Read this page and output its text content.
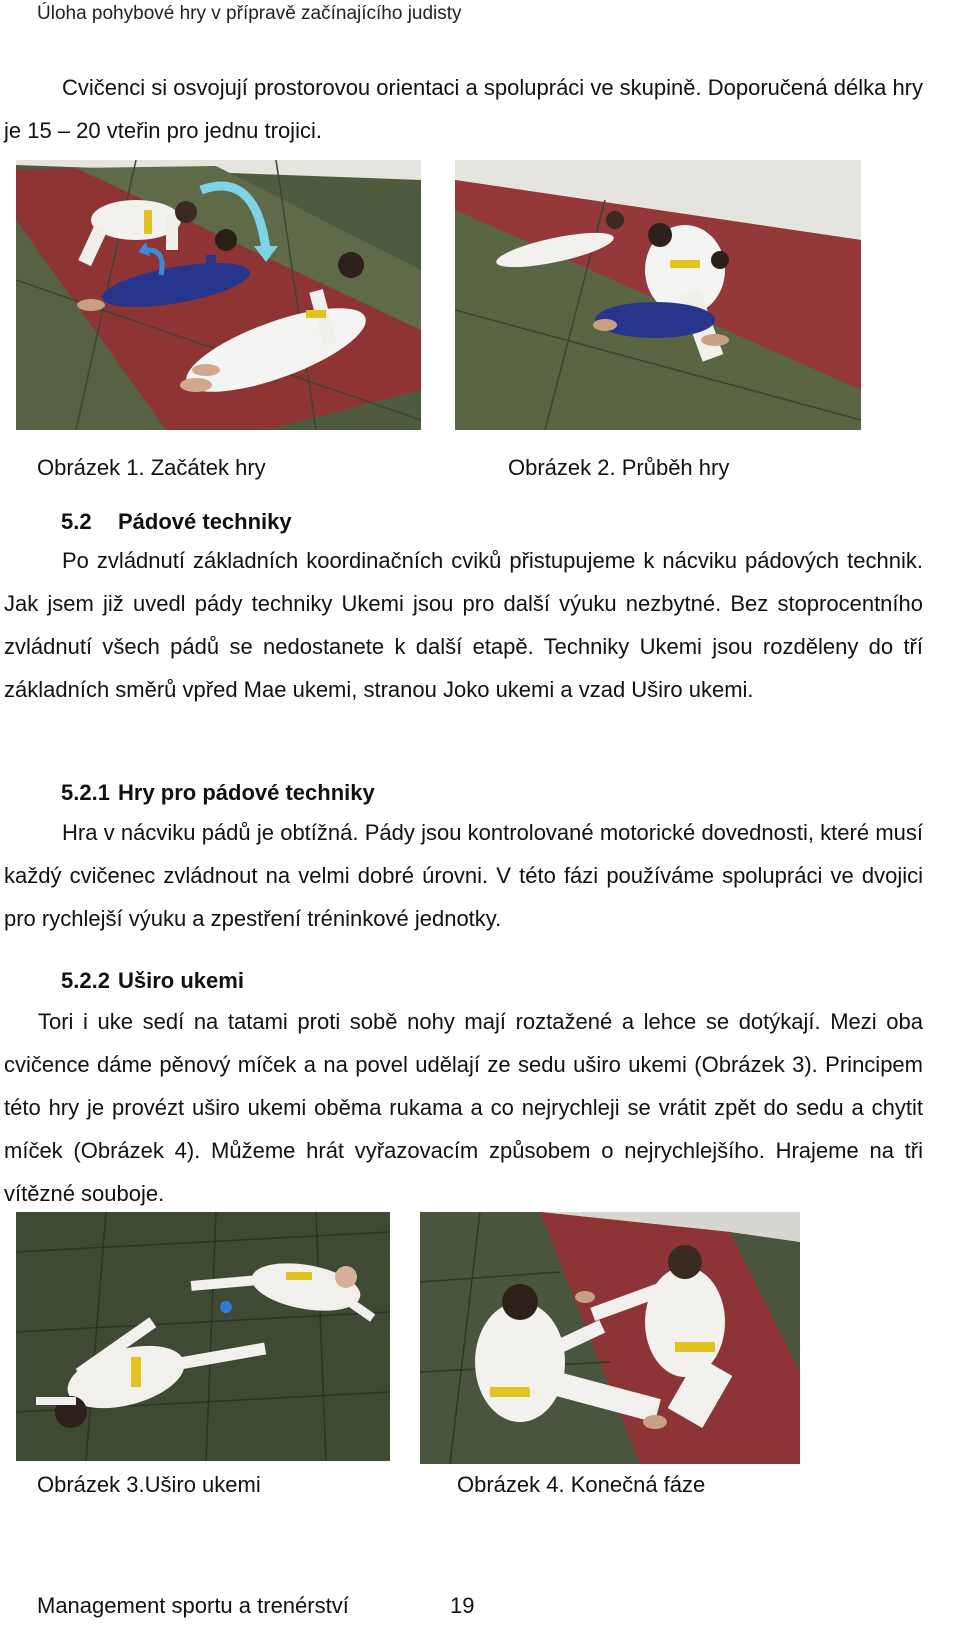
Úloha pohybové hry v přípravě začínajícího judisty

Cvičenci si osvojují prostorovou orientaci a spolupráci ve skupině. Doporučená délka hry je 15 – 20 vteřin pro jednu trojici.

Obrázek 1. Začátek hry	Obrázek 2. Průběh hry
5.2 Pádové techniky

Po zvládnutí základních koordinačních cviků přistupujeme k nácviku pádových technik. Jak jsem již uvedl pády techniky Ukemi jsou pro další výuku nezbytné. Bez stoprocentního zvládnutí všech pádů se nedostanete k další etapě. Techniky Ukemi jsou rozděleny do tří základních směrů vpřed Mae ukemi, stranou Joko ukemi a vzad Uširo ukemi.

5.2.1 Hry pro pádové techniky

Hra v nácviku pádů je obtížná. Pády jsou kontrolované motorické dovednosti, které musí každý cvičenec zvládnout na velmi dobré úrovni. V této fázi používáme spolupráci ve dvojici pro rychlejší výuku a zpestření tréninkové jednotky.

5.2.2 Uširo ukemi

Tori i uke sedí na tatami proti sobě nohy mají roztažené a lehce se dotýkají. Mezi oba cvičence dáme pěnový míček a na povel udělají ze sedu uširo ukemi (Obrázek 3). Principem této hry je provézt uširo ukemi oběma rukama a co nejrychleji se vrátit zpět do sedu a chytit míček (Obrázek 4). Můžeme hrát vyřazovacím způsobem o nejrychlejšího. Hrajeme na tři vítězné souboje.

Obrázek 3.Uširo ukemi	Obrázek 4. Konečná fáze
Management sportu a trenérství	19
